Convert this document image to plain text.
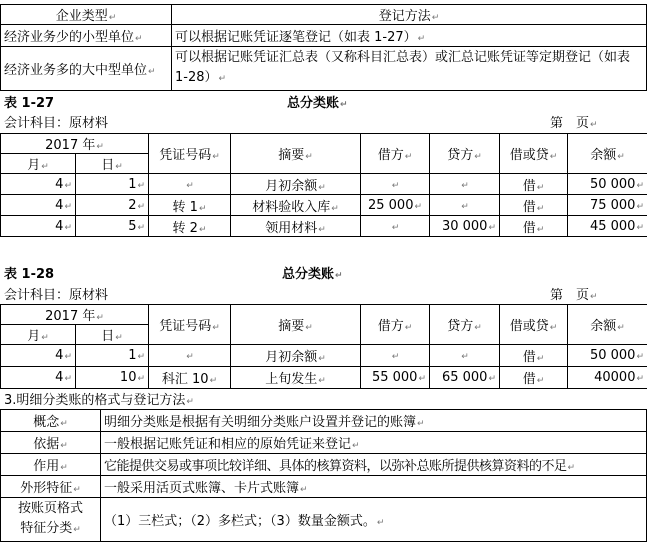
企业类型 ↵	登记方法 ↵
经济业务少的小型单位 ↵	可以根据记账凭证逐笔登记（如表 1-27） ↵
经济业务多的大中型单位 ↵	可以根据记账凭证汇总表（又称科目汇总表）或汇总记账凭证等定期登记（如表 1-28） ↵
表 1-27	总分类账 ↵
会计科目：原材料	第　页 ↵
2017 年 ↵		凭证号码 ↵	摘要 ↵	借方 ↵	贷方 ↵	借或贷 ↵	余额 ↵
月 ↵	日 ↵
4 ↵	1 ↵	↵	月初余额 ↵	↵	↵	借 ↵	50 000 ↵
4 ↵	2 ↵	转 1 ↵	材料验收入库 ↵	25 000 ↵	↵	借 ↵	75 000 ↵
4 ↵	5 ↵	转 2 ↵	领用材料 ↵	↵	30 000 ↵	借 ↵	45 000 ↵
表 1-28	总分类账 ↵
会计科目：原材料	第　页 ↵
2017 年 ↵		凭证号码 ↵	摘要 ↵	借方 ↵	贷方 ↵	借或贷 ↵	余额 ↵
月 ↵	日 ↵
4 ↵	1 ↵	↵	月初余额 ↵	↵	↵	借 ↵	50 000 ↵
4 ↵	10 ↵	科汇 10 ↵	上旬发生 ↵	55 000 ↵	65 000 ↵	借 ↵	40000 ↵
3.明细分类账的格式与登记方法 ↵
概念 ↵	明细分类账是根据有关明细分类账户设置并登记的账簿 ↵
依据 ↵	一般根据记账凭证和相应的原始凭证来登记 ↵
作用 ↵	它能提供交易或事项比较详细、具体的核算资料，以弥补总账所提供核算资料的不足 ↵
外形特征 ↵	一般采用活页式账簿、卡片式账簿 ↵

按账页格式
特征分类 ↵	（1）三栏式；（2）多栏式；（3）数量金额式。 ↵
